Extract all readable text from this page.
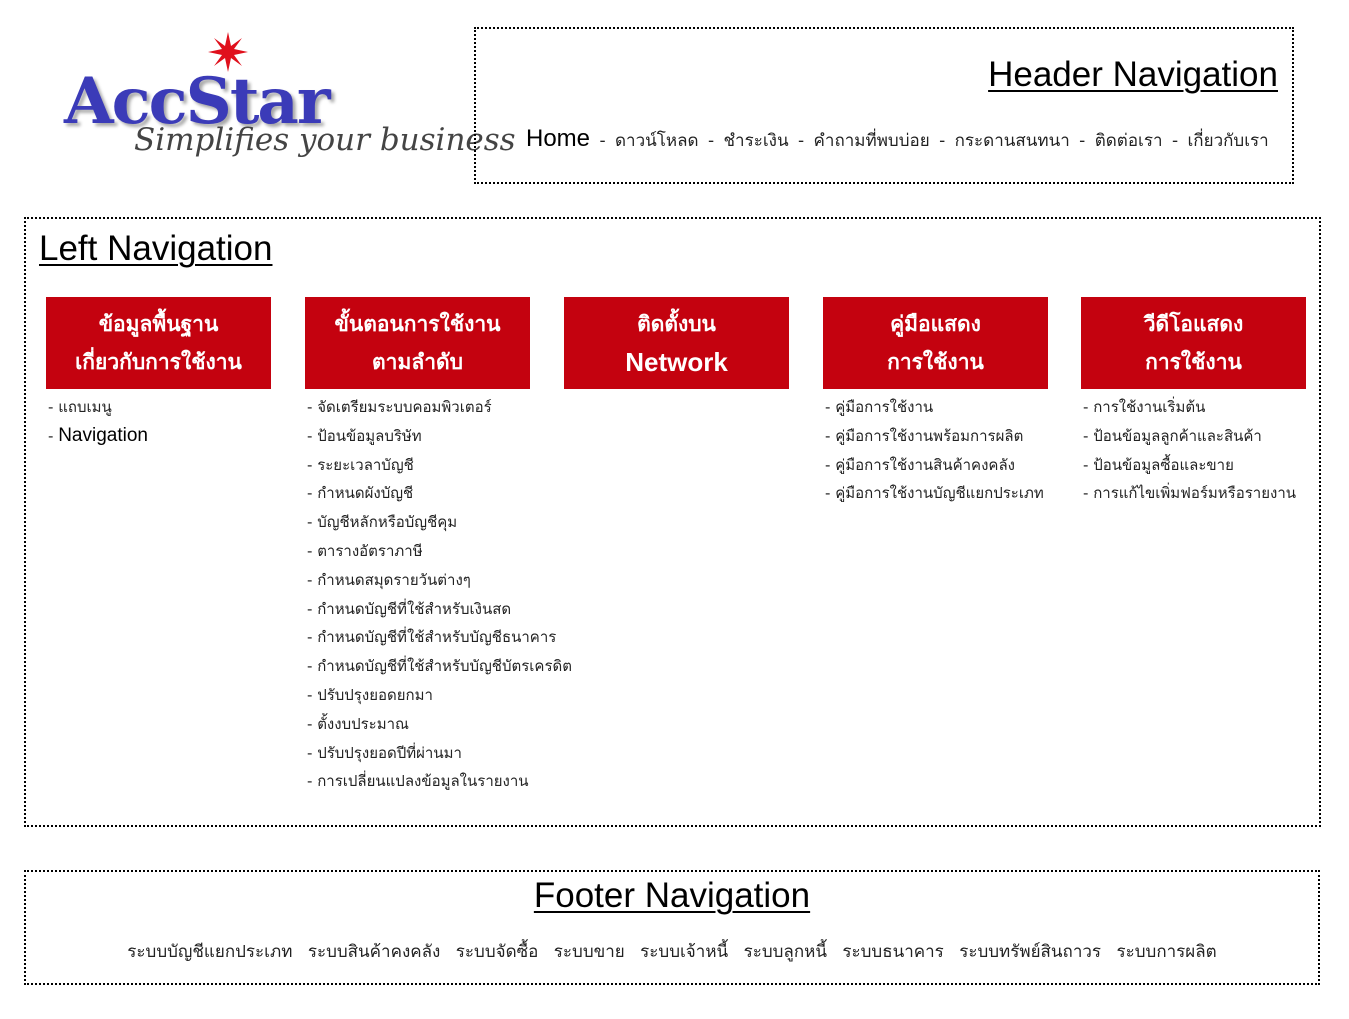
AccStar
Simplifies your business
Header Navigation
Home - ดาวน์โหลด - ชำระเงิน - คำถามที่พบบ่อย - กระดานสนทนา - ติดต่อเรา - เกี่ยวกับเรา
Left Navigation
ข้อมูลพื้นฐาน
เกี่ยวกับการใช้งาน
- แถบเมนู
- Navigation
ขั้นตอนการใช้งาน
ตามลำดับ
- จัดเตรียมระบบคอมพิวเตอร์
- ป้อนข้อมูลบริษัท
- ระยะเวลาบัญชี
- กำหนดผังบัญชี
- บัญชีหลักหรือบัญชีคุม
- ตารางอัตราภาษี
- กำหนดสมุดรายวันต่างๆ
- กำหนดบัญชีที่ใช้สำหรับเงินสด
- กำหนดบัญชีที่ใช้สำหรับบัญชีธนาคาร
- กำหนดบัญชีที่ใช้สำหรับบัญชีบัตรเครดิต
- ปรับปรุงยอดยกมา
- ตั้งงบประมาณ
- ปรับปรุงยอดปีที่ผ่านมา
- การเปลี่ยนแปลงข้อมูลในรายงาน
ติดตั้งบน
Network
คู่มือแสดง
การใช้งาน
- คู่มือการใช้งาน
- คู่มือการใช้งานพร้อมการผลิต
- คู่มือการใช้งานสินค้าคงคลัง
- คู่มือการใช้งานบัญชีแยกประเภท
วีดีโอแสดง
การใช้งาน
- การใช้งานเริ่มต้น
- ป้อนข้อมูลลูกค้าและสินค้า
- ป้อนข้อมูลซื้อและขาย
- การแก้ไขเพิ่มฟอร์มหรือรายงาน
Footer Navigation
ระบบบัญชีแยกประเภท ระบบสินค้าคงคลัง ระบบจัดซื้อ ระบบขาย ระบบเจ้าหนี้ ระบบลูกหนี้ ระบบธนาคาร ระบบทรัพย์สินถาวร ระบบการผลิต
